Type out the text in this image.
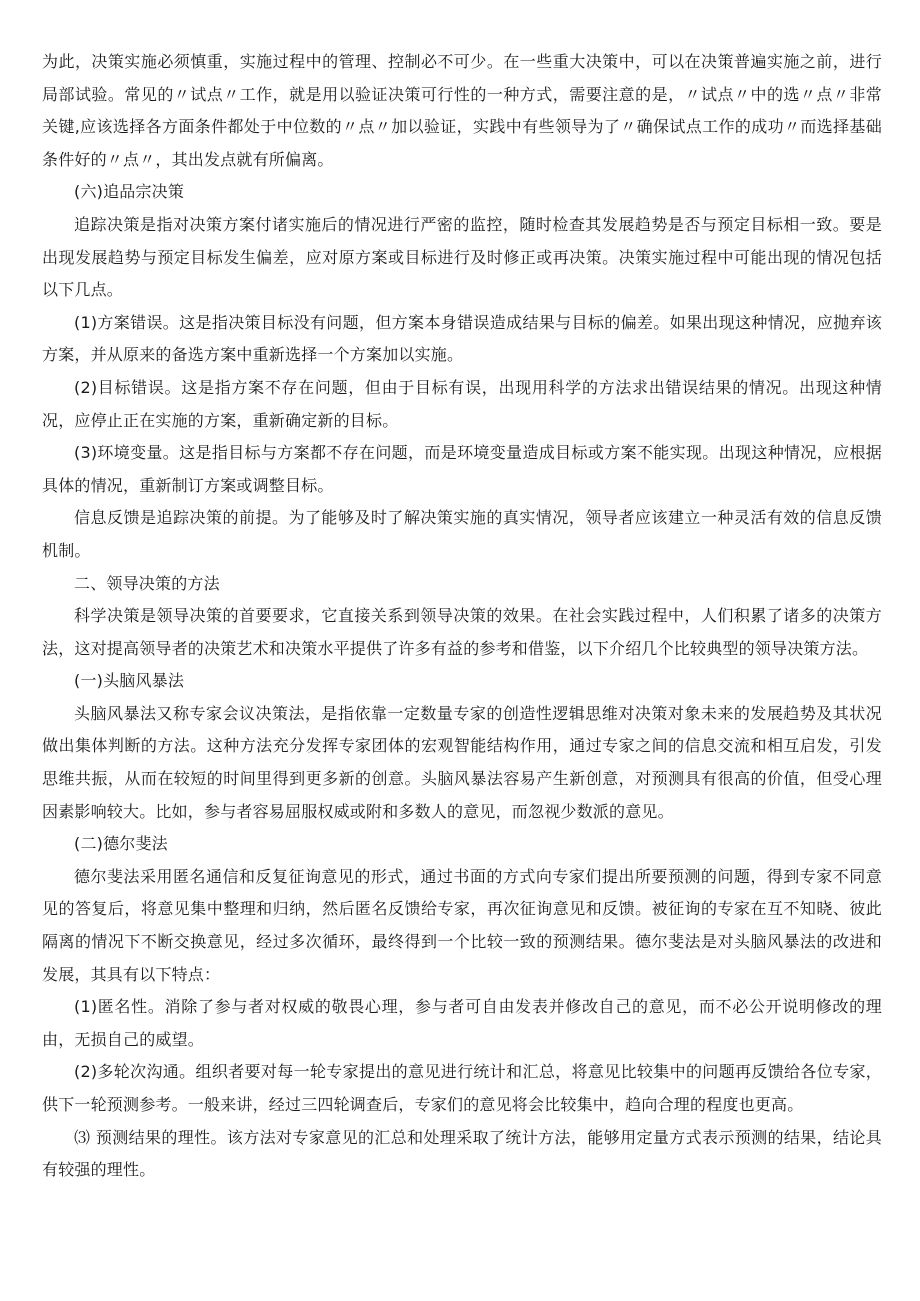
为此，决策实施必须慎重，实施过程中的管理、控制必不可少。在一些重大决策中，可以在决策普遍实施之前，进行局部试验。常见的〃试点〃工作，就是用以验证决策可行性的一种方式，需要注意的是，〃试点〃中的选〃点〃非常关键,应该选择各方面条件都处于中位数的〃点〃加以验证，实践中有些领导为了〃确保试点工作的成功〃而选择基础条件好的〃点〃，其出发点就有所偏离。

(六)追品宗决策

追踪决策是指对决策方案付诸实施后的情况进行严密的监控，随时检查其发展趋势是否与预定目标相一致。要是出现发展趋势与预定目标发生偏差，应对原方案或目标进行及时修正或再决策。决策实施过程中可能出现的情况包括以下几点。

(1)方案错误。这是指决策目标没有问题，但方案本身错误造成结果与目标的偏差。如果出现这种情况，应抛弃该方案，并从原来的备选方案中重新选择一个方案加以实施。

(2)目标错误。这是指方案不存在问题，但由于目标有误，出现用科学的方法求出错误结果的情况。出现这种情况，应停止正在实施的方案，重新确定新的目标。

(3)环境变量。这是指目标与方案都不存在问题，而是环境变量造成目标或方案不能实现。出现这种情况，应根据具体的情况，重新制订方案或调整目标。

信息反馈是追踪决策的前提。为了能够及时了解决策实施的真实情况，领导者应该建立一种灵活有效的信息反馈机制。

二、领导决策的方法

科学决策是领导决策的首要要求，它直接关系到领导决策的效果。在社会实践过程中，人们积累了诸多的决策方法，这对提高领导者的决策艺术和决策水平提供了许多有益的参考和借鉴，以下介绍几个比较典型的领导决策方法。

(一)头脑风暴法

头脑风暴法又称专家会议决策法，是指依靠一定数量专家的创造性逻辑思维对决策对象未来的发展趋势及其状况做出集体判断的方法。这种方法充分发挥专家团体的宏观智能结构作用，通过专家之间的信息交流和相互启发，引发思维共振，从而在较短的时间里得到更多新的创意。头脑风暴法容易产生新创意，对预测具有很高的价值，但受心理因素影响较大。比如，参与者容易屈服权威或附和多数人的意见，而忽视少数派的意见。

(二)德尔斐法

德尔斐法采用匿名通信和反复征询意见的形式，通过书面的方式向专家们提出所要预测的问题，得到专家不同意见的答复后，将意见集中整理和归纳，然后匿名反馈给专家，再次征询意见和反馈。被征询的专家在互不知晓、彼此隔离的情况下不断交换意见，经过多次循环，最终得到一个比较一致的预测结果。德尔斐法是对头脑风暴法的改进和发展，其具有以下特点：

(1)匿名性。消除了参与者对权威的敬畏心理，参与者可自由发表并修改自己的意见，而不必公开说明修改的理由，无损自己的威望。

(2)多轮次沟通。组织者要对每一轮专家提出的意见进行统计和汇总，将意见比较集中的问题再反馈给各位专家，供下一轮预测参考。一般来讲，经过三四轮调查后，专家们的意见将会比较集中，趋向合理的程度也更高。

⑶ 预测结果的理性。该方法对专家意见的汇总和处理采取了统计方法，能够用定量方式表示预测的结果，结论具有较强的理性。
